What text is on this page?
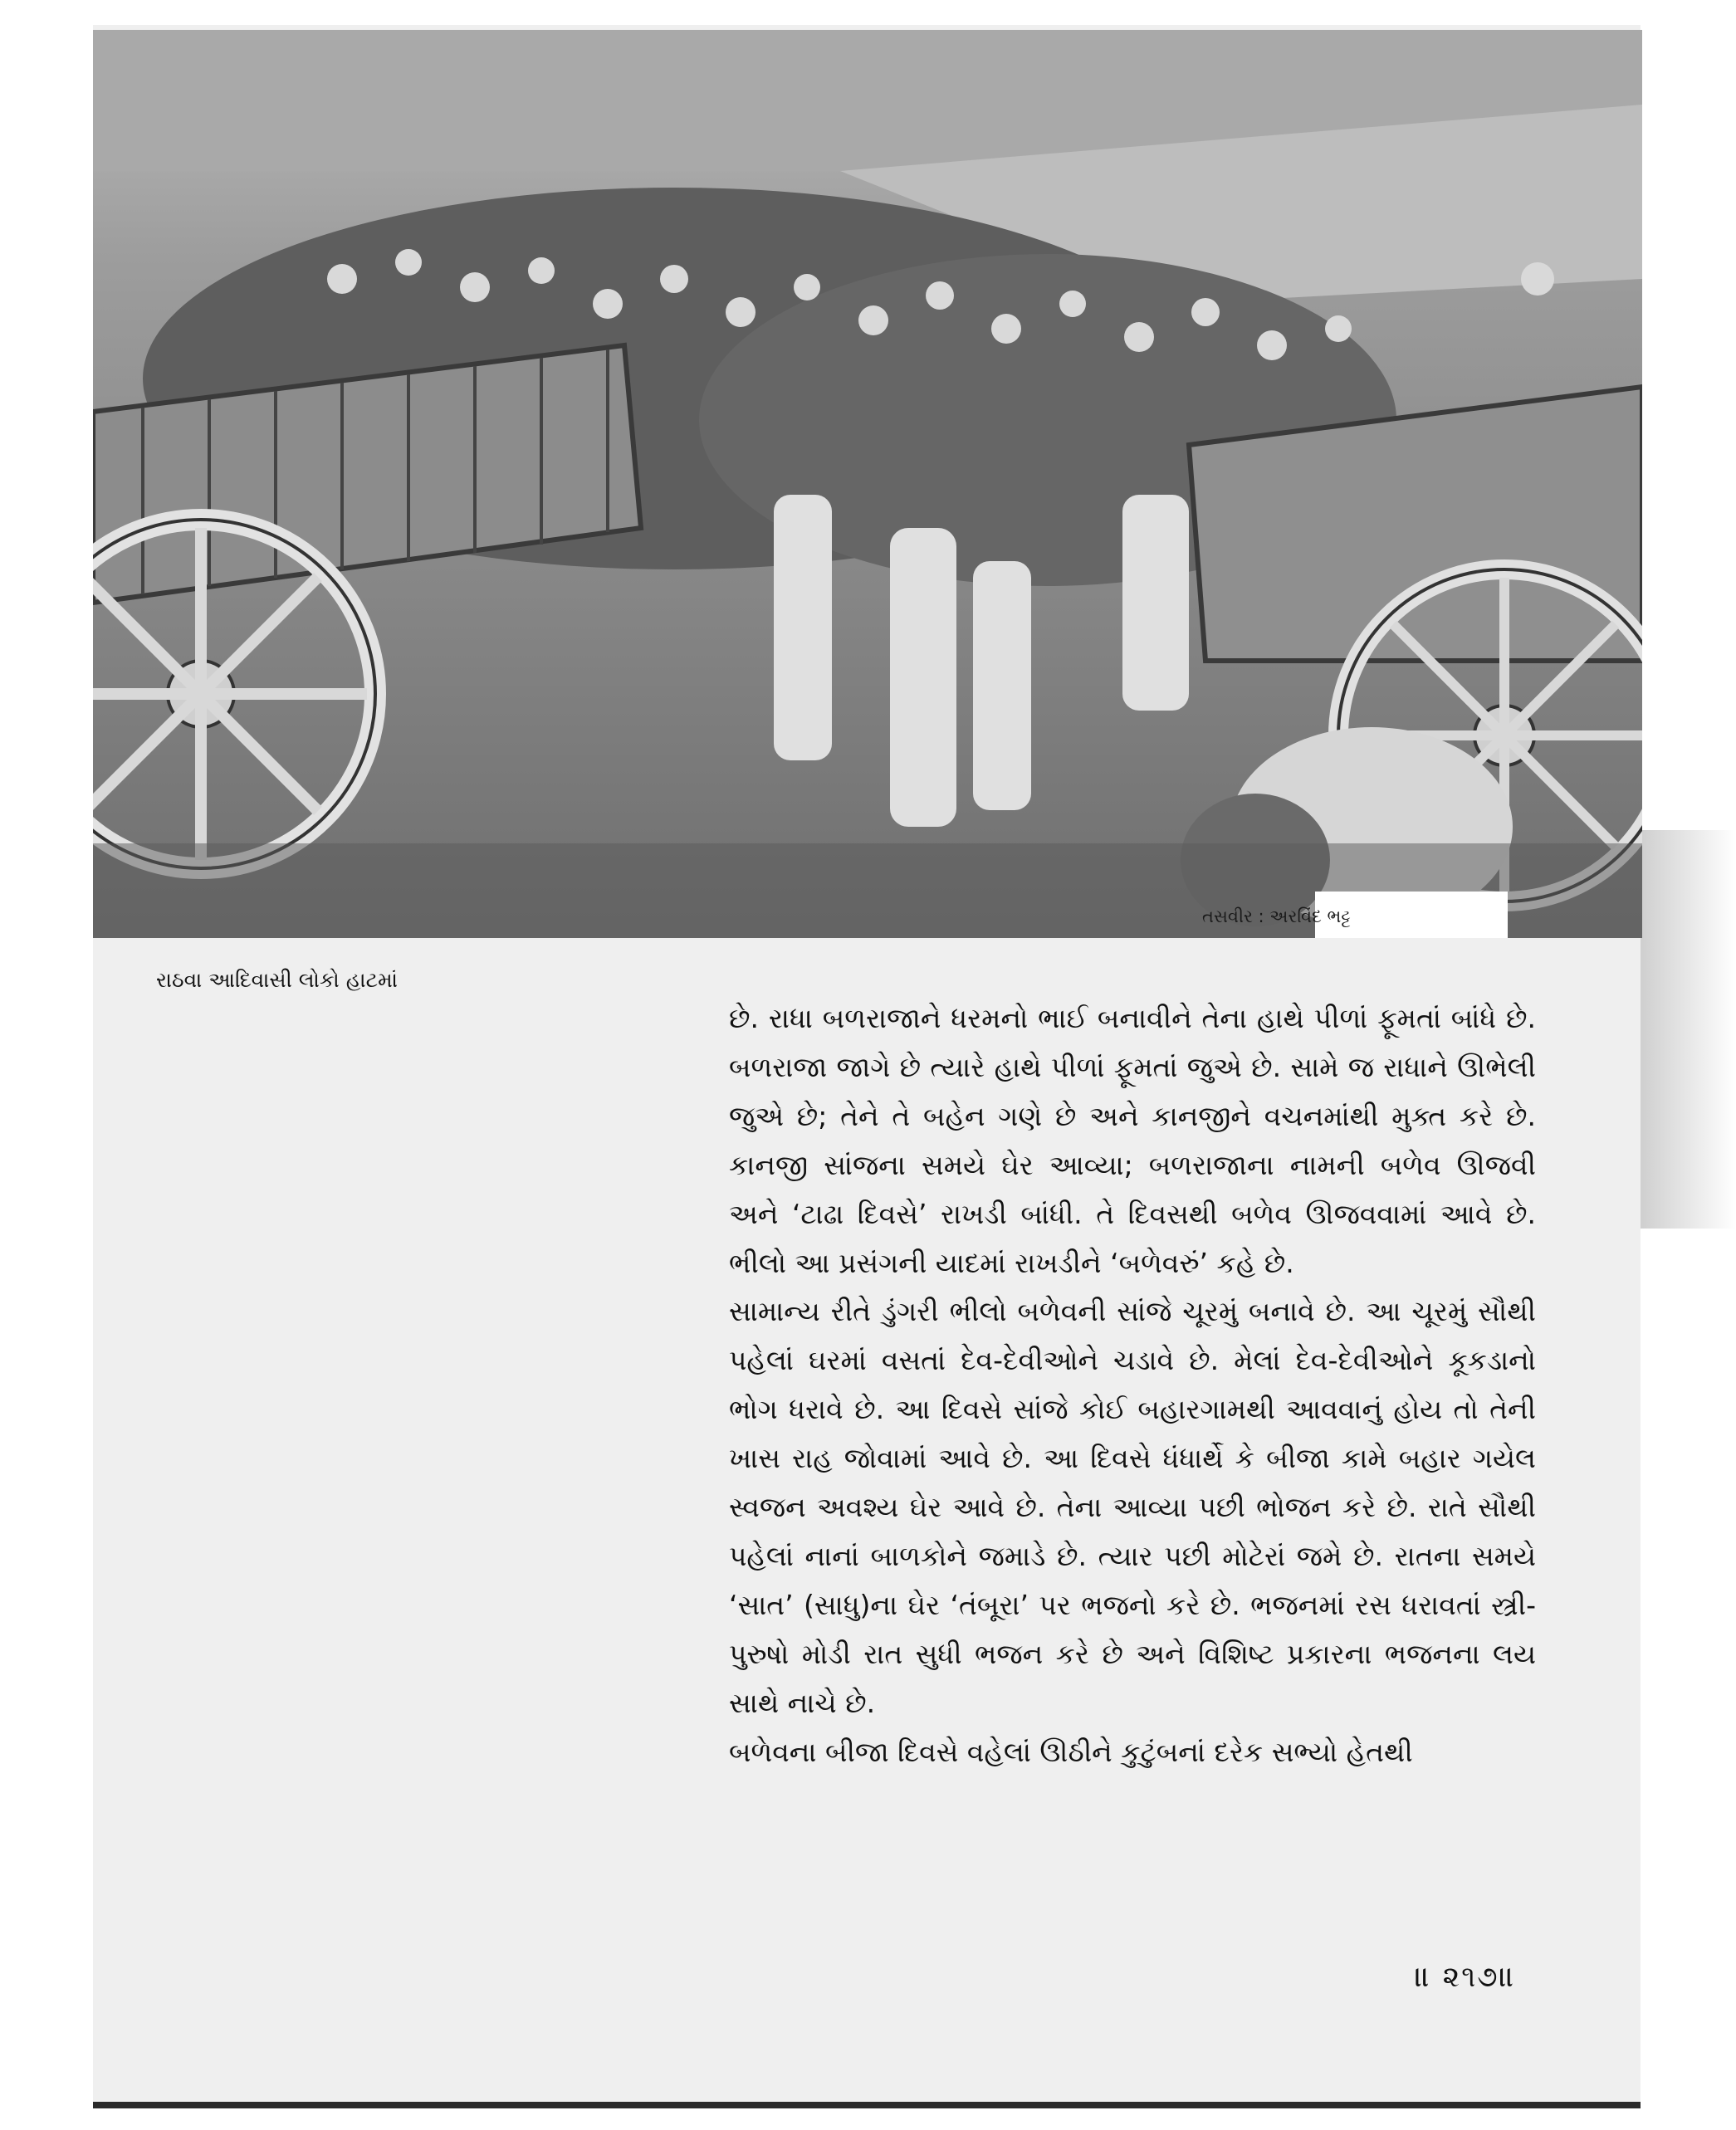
તસવીર : અરવિંદ ભટ્ટ
રાઠવા આદિવાસી લોકો હાટમાં

છે. રાધા બળરાજાને ધરમનો ભાઈ બનાવીને તેના હાથે પીળાં ફૂમતાં બાંધે છે. બળરાજા જાગે છે ત્યારે હાથે પીળાં ફૂમતાં જુએ છે. સામે જ રાધાને ઊભેલી જુએ છે; તેને તે બહેન ગણે છે અને કાનજીને વચનમાંથી મુક્ત કરે છે. કાનજી સાંજના સમયે ઘેર આવ્યા; બળરાજાના નામની બળેવ ઊજવી અને ‘ટાઢા દિવસે’ રાખડી બાંધી. તે દિવસથી બળેવ ઊજવવામાં આવે છે. ભીલો આ પ્રસંગની યાદમાં રાખડીને ‘બળેવરું’ કહે છે.

સામાન્ય રીતે ડુંગરી ભીલો બળેવની સાંજે ચૂરમું બનાવે છે. આ ચૂરમું સૌથી પહેલાં ઘરમાં વસતાં દેવ-દેવીઓને ચડાવે છે. મેલાં દેવ-દેવીઓને કૂકડાનો ભોગ ધરાવે છે. આ દિવસે સાંજે કોઈ બહારગામથી આવવાનું હોય તો તેની ખાસ રાહ જોવામાં આવે છે. આ દિવસે ધંધાર્થે કે બીજા કામે બહાર ગયેલ સ્વજન અવશ્ય ઘેર આવે છે. તેના આવ્યા પછી ભોજન કરે છે. રાતે સૌથી પહેલાં નાનાં બાળકોને જમાડે છે. ત્યાર પછી મોટેરાં જમે છે. રાતના સમયે ‘સાત’ (સાધુ)ના ઘેર ‘તંબૂરા’ પર ભજનો કરે છે. ભજનમાં રસ ધરાવતાં સ્ત્રી-પુરુષો મોડી રાત સુધી ભજન કરે છે અને વિશિષ્ટ પ્રકારના ભજનના લય સાથે નાચે છે.

બળેવના બીજા દિવસે વહેલાં ઊઠીને કુટુંબનાં દરેક સભ્યો હેતથી

॥ ૨૧૭॥
